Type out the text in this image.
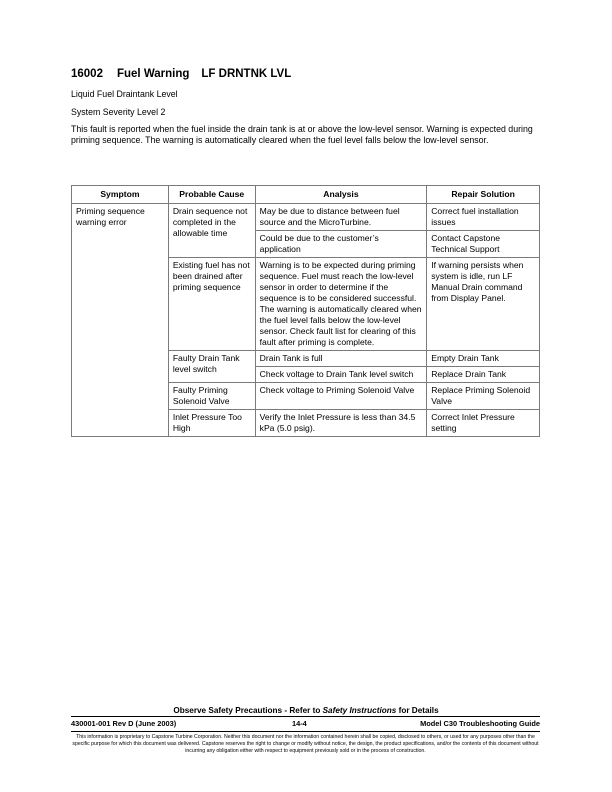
16002 Fuel Warning LF DRNTNK LVL
Liquid Fuel Draintank Level
System Severity Level 2
This fault is reported when the fuel inside the drain tank is at or above the low-level sensor. Warning is expected during priming sequence. The warning is automatically cleared when the fuel level falls below the low-level sensor.
Symptom	Probable Cause	Analysis	Repair Solution
Priming sequence warning error	Drain sequence not completed in the allowable time	May be due to distance between fuel source and the MicroTurbine.	Correct fuel installation issues
		Could be due to the customer’s application	Contact Capstone Technical Support
	Existing fuel has not been drained after priming sequence	Warning is to be expected during priming sequence. Fuel must reach the low-level sensor in order to determine if the sequence is to be considered successful. The warning is automatically cleared when the fuel level falls below the low-level sensor. Check fault list for clearing of this fault after priming is complete.	If warning persists when system is idle, run LF Manual Drain command from Display Panel.
	Faulty Drain Tank level switch	Drain Tank is full	Empty Drain Tank
		Check voltage to Drain Tank level switch	Replace Drain Tank
	Faulty Priming Solenoid Valve	Check voltage to Priming Solenoid Valve	Replace Priming Solenoid Valve
	Inlet Pressure Too High	Verify the Inlet Pressure is less than 34.5 kPa (5.0 psig).	Correct Inlet Pressure setting
Observe Safety Precautions - Refer to Safety Instructions for Details
430001-001 Rev D (June 2003)	14-4	Model C30 Troubleshooting Guide
This information is proprietary to Capstone Turbine Corporation. Neither this document nor the information contained herein shall be copied, disclosed to others, or used for any purposes other than the specific purpose for which this document was delivered. Capstone reserves the right to change or modify without notice, the design, the product specifications, and/or the contents of this document without incurring any obligation either with respect to equipment previously sold or in the process of construction.
